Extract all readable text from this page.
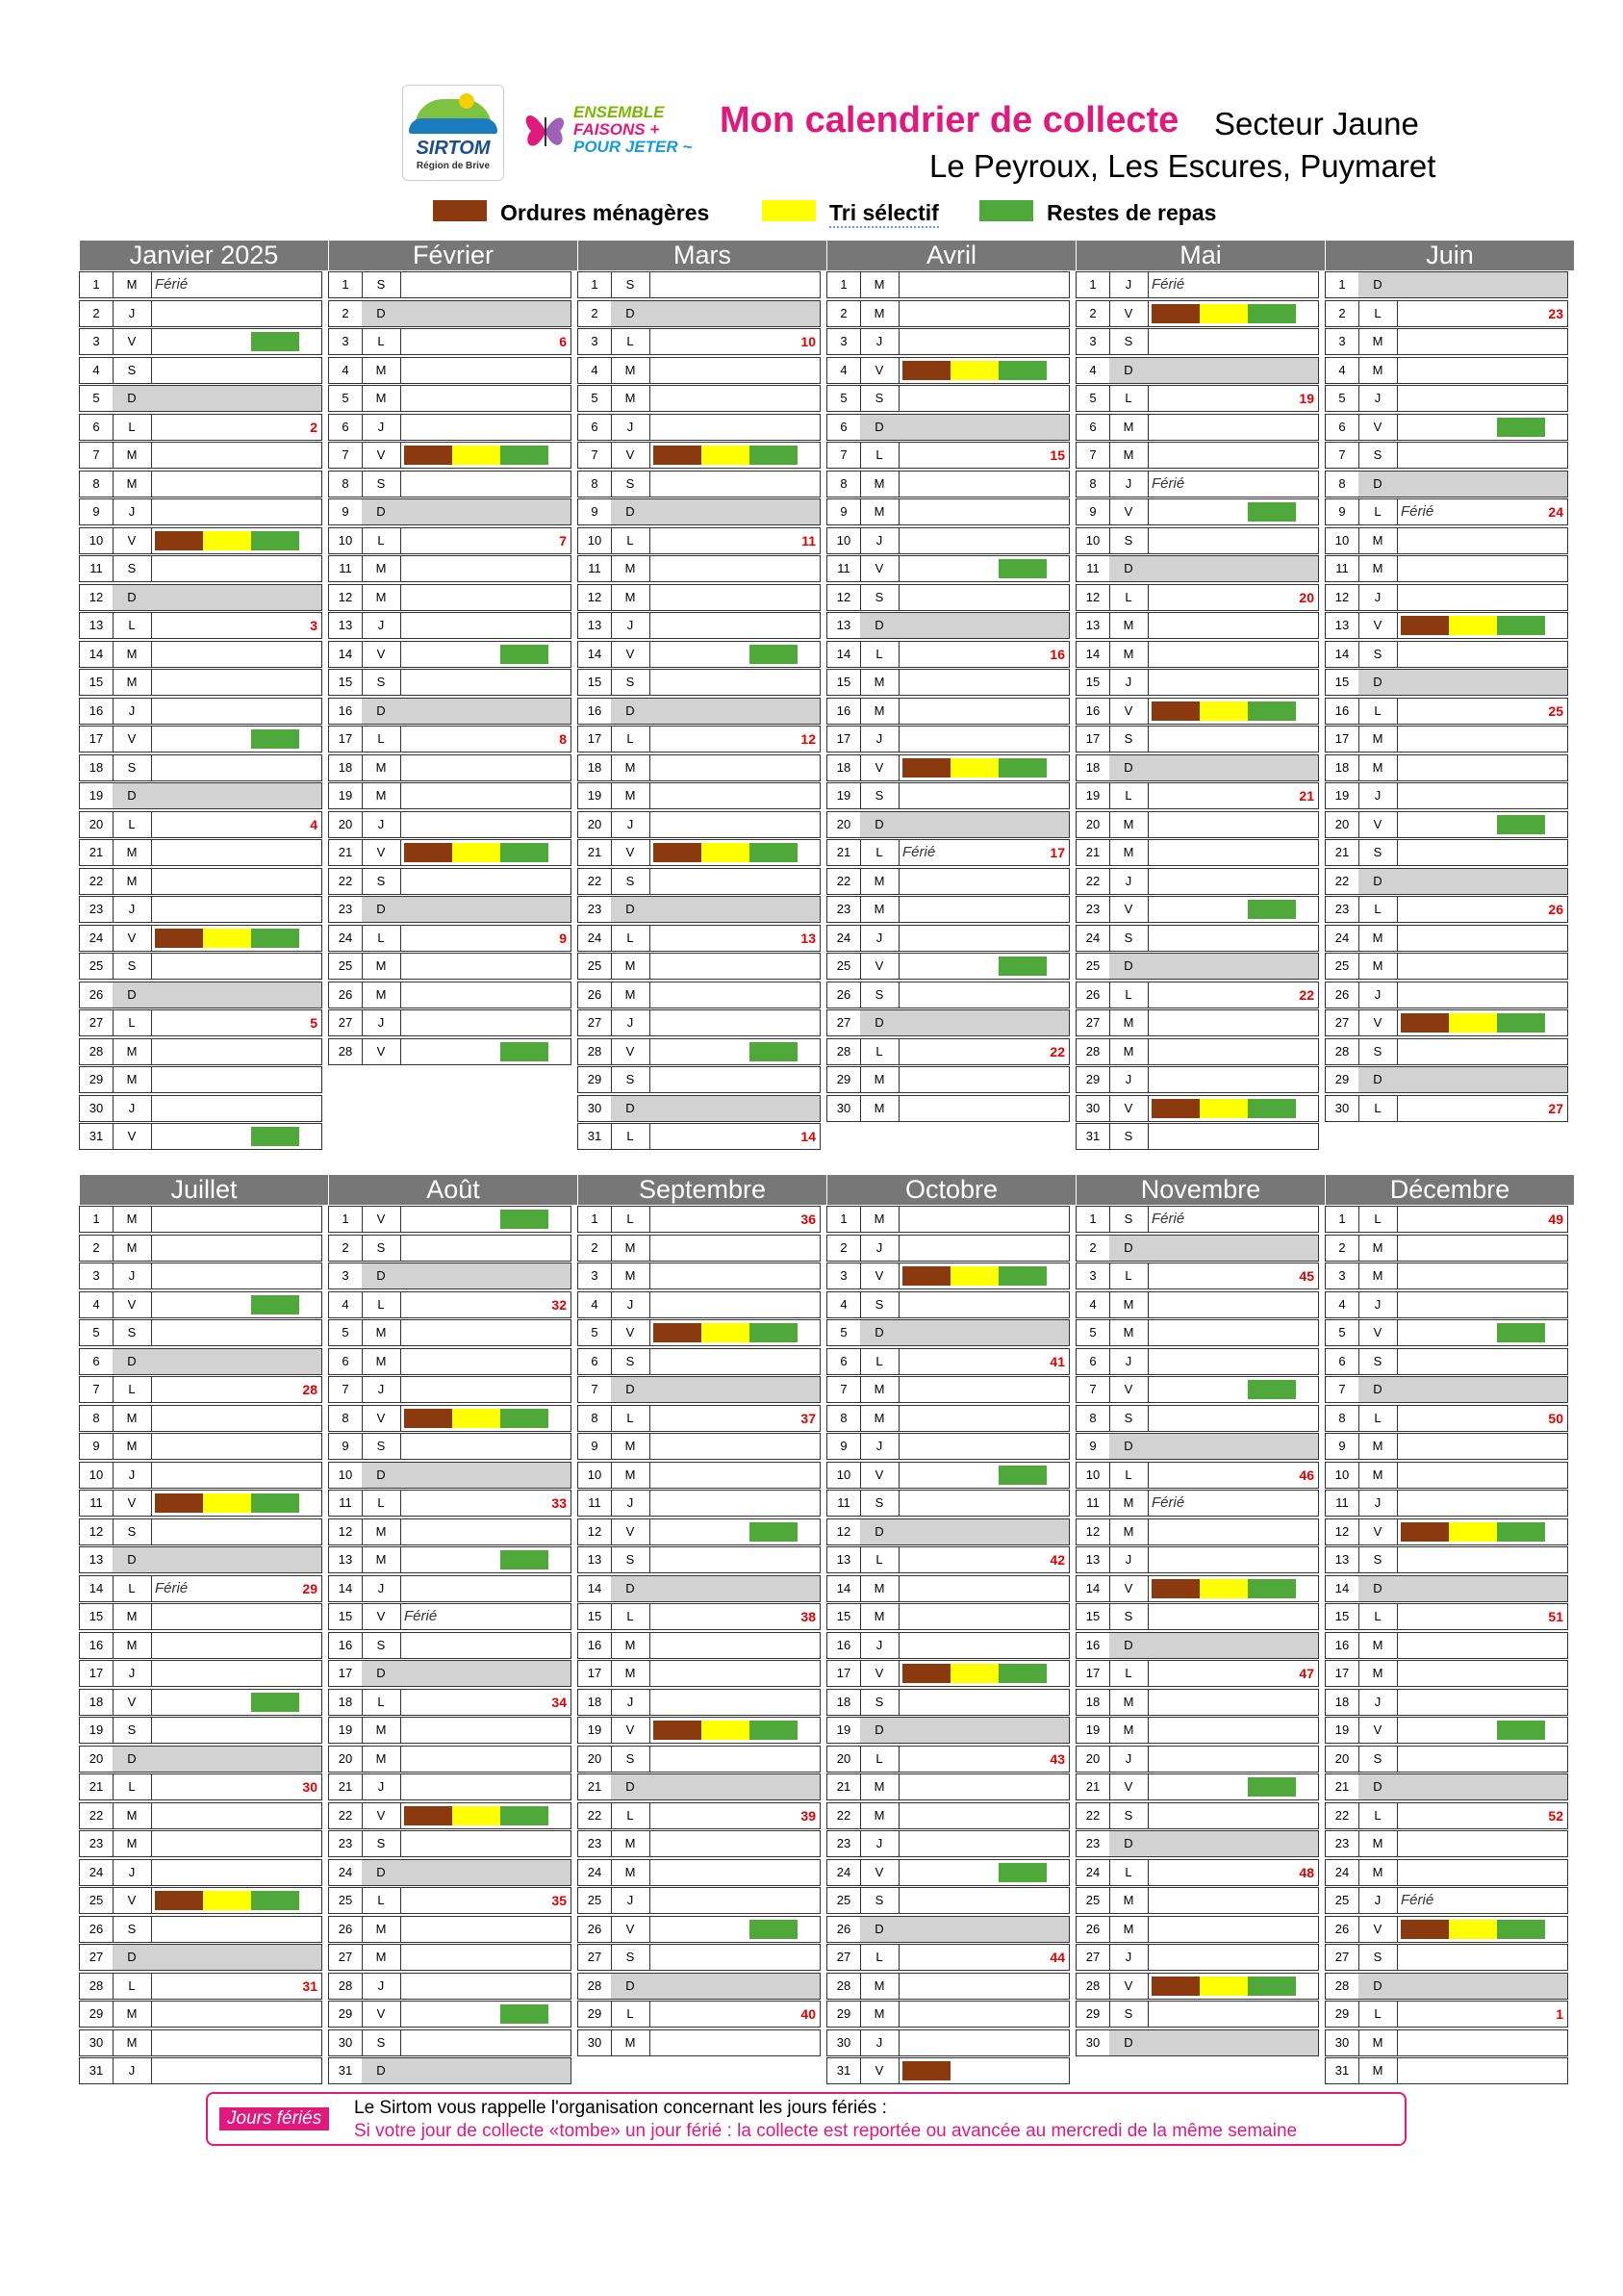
SIRTOM
Région de Brive
ENSEMBLE
FAISONS +
POUR JETER ~
Mon calendrier de collecte Secteur Jaune
Le Peyroux, Les Escures, Puymaret
Ordures ménagères	Tri sélectif	Restes de repas
Janvier 2025
1	M	Férié
2	J
3	V
4	S
5	D
6	L	2
7	M
8	M
9	J
10	V
11	S
12	D
13	L	3
14	M
15	M
16	J
17	V
18	S
19	D
20	L	4
21	M
22	M
23	J
24	V
25	S
26	D
27	L	5
28	M
29	M
30	J
31	V
Février
1	S
2	D
3	L	6
4	M
5	M
6	J
7	V
8	S
9	D
10	L	7
11	M
12	M
13	J
14	V
15	S
16	D
17	L	8
18	M
19	M
20	J
21	V
22	S
23	D
24	L	9
25	M
26	M
27	J
28	V
Mars
1	S
2	D
3	L	10
4	M
5	M
6	J
7	V
8	S
9	D
10	L	11
11	M
12	M
13	J
14	V
15	S
16	D
17	L	12
18	M
19	M
20	J
21	V
22	S
23	D
24	L	13
25	M
26	M
27	J
28	V
29	S
30	D
31	L	14
Avril
1	M
2	M
3	J
4	V
5	S
6	D
7	L	15
8	M
9	M
10	J
11	V
12	S
13	D
14	L	16
15	M
16	M
17	J
18	V
19	S
20	D
21	L	Férié	17
22	M
23	M
24	J
25	V
26	S
27	D
28	L	22
29	M
30	M
Mai
1	J	Férié
2	V
3	S
4	D
5	L	19
6	M
7	M
8	J	Férié
9	V
10	S
11	D
12	L	20
13	M
14	M
15	J
16	V
17	S
18	D
19	L	21
20	M
21	M
22	J
23	V
24	S
25	D
26	L	22
27	M
28	M
29	J
30	V
31	S
Juin
1	D
2	L	23
3	M
4	M
5	J
6	V
7	S
8	D
9	L	Férié	24
10	M
11	M
12	J
13	V
14	S
15	D
16	L	25
17	M
18	M
19	J
20	V
21	S
22	D
23	L	26
24	M
25	M
26	J
27	V
28	S
29	D
30	L	27
Juillet
1	M
2	M
3	J
4	V
5	S
6	D
7	L	28
8	M
9	M
10	J
11	V
12	S
13	D
14	L	Férié	29
15	M
16	M
17	J
18	V
19	S
20	D
21	L	30
22	M
23	M
24	J
25	V
26	S
27	D
28	L	31
29	M
30	M
31	J
Août
1	V
2	S
3	D
4	L	32
5	M
6	M
7	J
8	V
9	S
10	D
11	L	33
12	M
13	M
14	J
15	V	Férié
16	S
17	D
18	L	34
19	M
20	M
21	J
22	V
23	S
24	D
25	L	35
26	M
27	M
28	J
29	V
30	S
31	D
Septembre
1	L	36
2	M
3	M
4	J
5	V
6	S
7	D
8	L	37
9	M
10	M
11	J
12	V
13	S
14	D
15	L	38
16	M
17	M
18	J
19	V
20	S
21	D
22	L	39
23	M
24	M
25	J
26	V
27	S
28	D
29	L	40
30	M
Octobre
1	M
2	J
3	V
4	S
5	D
6	L	41
7	M
8	M
9	J
10	V
11	S
12	D
13	L	42
14	M
15	M
16	J
17	V
18	S
19	D
20	L	43
21	M
22	M
23	J
24	V
25	S
26	D
27	L	44
28	M
29	M
30	J
31	V
Novembre
1	S	Férié
2	D
3	L	45
4	M
5	M
6	J
7	V
8	S
9	D
10	L	46
11	M	Férié
12	M
13	J
14	V
15	S
16	D
17	L	47
18	M
19	M
20	J
21	V
22	S
23	D
24	L	48
25	M
26	M
27	J
28	V
29	S
30	D
Décembre
1	L	49
2	M
3	M
4	J
5	V
6	S
7	D
8	L	50
9	M
10	M
11	J
12	V
13	S
14	D
15	L	51
16	M
17	M
18	J
19	V
20	S
21	D
22	L	52
23	M
24	M
25	J	Férié
26	V
27	S
28	D
29	L	1
30	M
31	M
Jours fériés
Le Sirtom vous rappelle l'organisation concernant les jours fériés :
Si votre jour de collecte «tombe» un jour férié : la collecte est reportée ou avancée au mercredi de la même semaine
